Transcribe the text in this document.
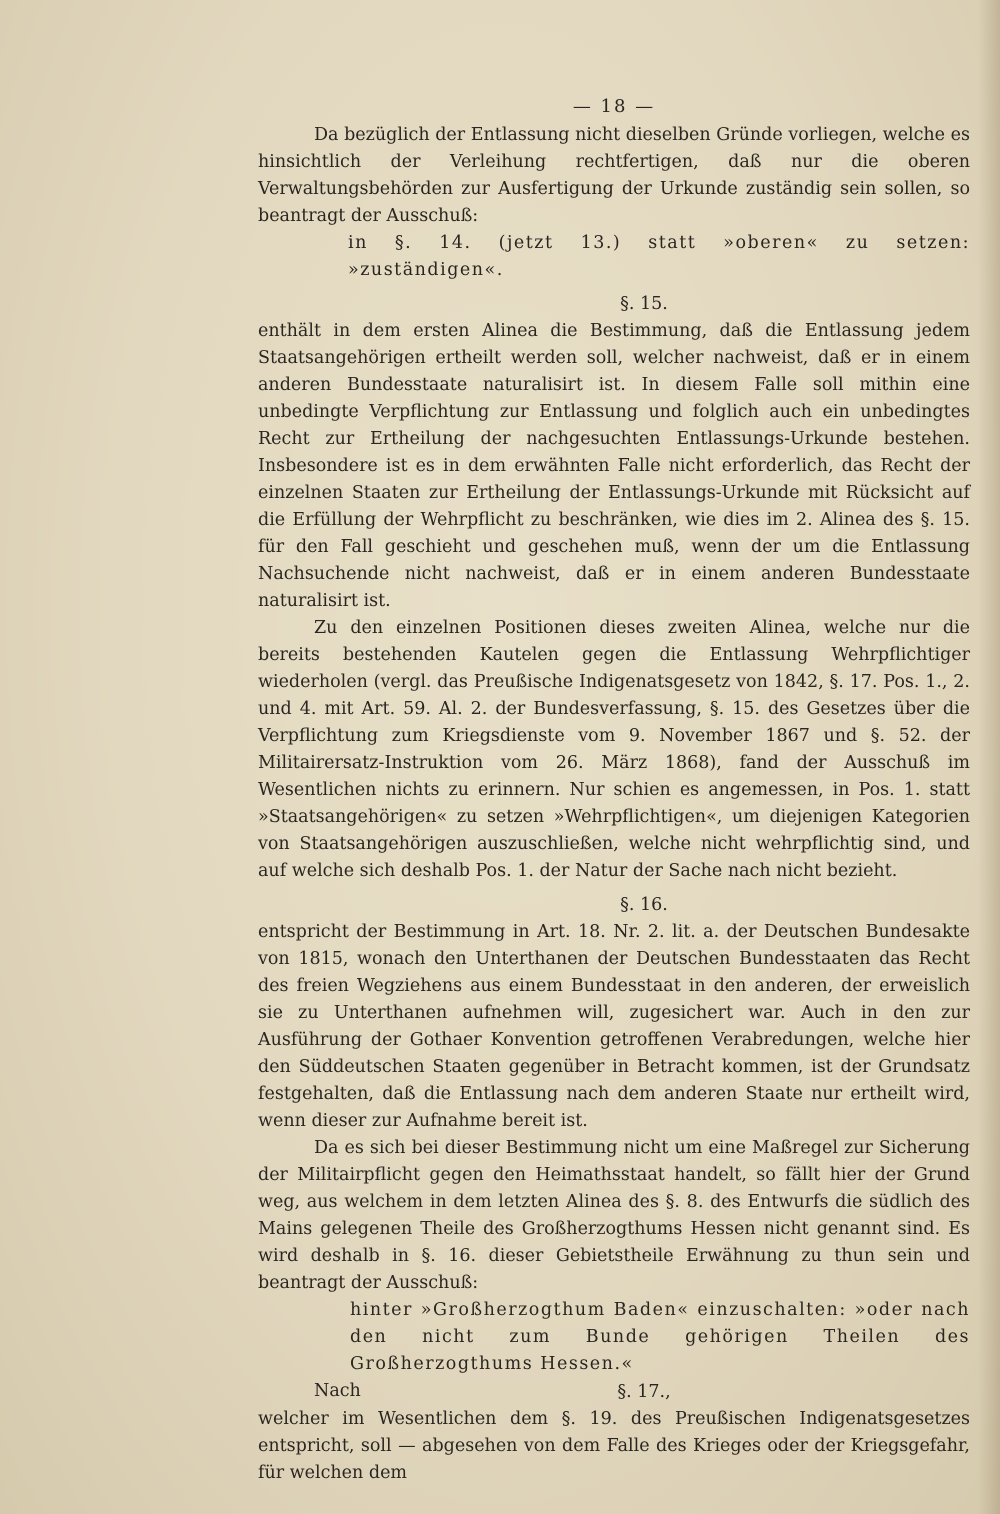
— 18 —

Da bezüglich der Entlassung nicht dieselben Gründe vorliegen, welche es hinsichtlich der Verleihung rechtfertigen, daß nur die oberen Verwaltungsbehörden zur Ausfertigung der Urkunde zuständig sein sollen, so beantragt der Ausschuß:

in §. 14. (jetzt 13.) statt »oberen« zu setzen: »zuständigen«.

§. 15.

enthält in dem ersten Alinea die Bestimmung, daß die Entlassung jedem Staatsangehörigen ertheilt werden soll, welcher nachweist, daß er in einem anderen Bundesstaate naturalisirt ist. In diesem Falle soll mithin eine unbedingte Verpflichtung zur Entlassung und folglich auch ein unbedingtes Recht zur Ertheilung der nachgesuchten Entlassungs-Urkunde bestehen. Insbesondere ist es in dem erwähnten Falle nicht erforderlich, das Recht der einzelnen Staaten zur Ertheilung der Entlassungs-Urkunde mit Rücksicht auf die Erfüllung der Wehrpflicht zu beschränken, wie dies im 2. Alinea des §. 15. für den Fall geschieht und geschehen muß, wenn der um die Entlassung Nachsuchende nicht nachweist, daß er in einem anderen Bundesstaate naturalisirt ist.

Zu den einzelnen Positionen dieses zweiten Alinea, welche nur die bereits bestehenden Kautelen gegen die Entlassung Wehrpflichtiger wiederholen (vergl. das Preußische Indigenatsgesetz von 1842, §. 17. Pos. 1., 2. und 4. mit Art. 59. Al. 2. der Bundesverfassung, §. 15. des Gesetzes über die Verpflichtung zum Kriegsdienste vom 9. November 1867 und §. 52. der Militairersatz-Instruktion vom 26. März 1868), fand der Ausschuß im Wesentlichen nichts zu erinnern. Nur schien es angemessen, in Pos. 1. statt »Staatsangehörigen« zu setzen »Wehrpflichtigen«, um diejenigen Kategorien von Staatsangehörigen auszuschließen, welche nicht wehrpflichtig sind, und auf welche sich deshalb Pos. 1. der Natur der Sache nach nicht bezieht.

§. 16.

entspricht der Bestimmung in Art. 18. Nr. 2. lit. a. der Deutschen Bundesakte von 1815, wonach den Unterthanen der Deutschen Bundesstaaten das Recht des freien Wegziehens aus einem Bundesstaat in den anderen, der erweislich sie zu Unterthanen aufnehmen will, zugesichert war. Auch in den zur Ausführung der Gothaer Konvention getroffenen Verabredungen, welche hier den Süddeutschen Staaten gegenüber in Betracht kommen, ist der Grundsatz festgehalten, daß die Entlassung nach dem anderen Staate nur ertheilt wird, wenn dieser zur Aufnahme bereit ist.

Da es sich bei dieser Bestimmung nicht um eine Maßregel zur Sicherung der Militairpflicht gegen den Heimathsstaat handelt, so fällt hier der Grund weg, aus welchem in dem letzten Alinea des §. 8. des Entwurfs die südlich des Mains gelegenen Theile des Großherzogthums Hessen nicht genannt sind. Es wird deshalb in §. 16. dieser Gebietstheile Erwähnung zu thun sein und beantragt der Ausschuß:

hinter »Großherzogthum Baden« einzuschalten: »oder nach den nicht zum Bunde gehörigen Theilen des Großherzogthums Hessen.«

Nach	§. 17.,

welcher im Wesentlichen dem §. 19. des Preußischen Indigenatsgesetzes entspricht, soll — abgesehen von dem Falle des Krieges oder der Kriegsgefahr, für welchen dem
